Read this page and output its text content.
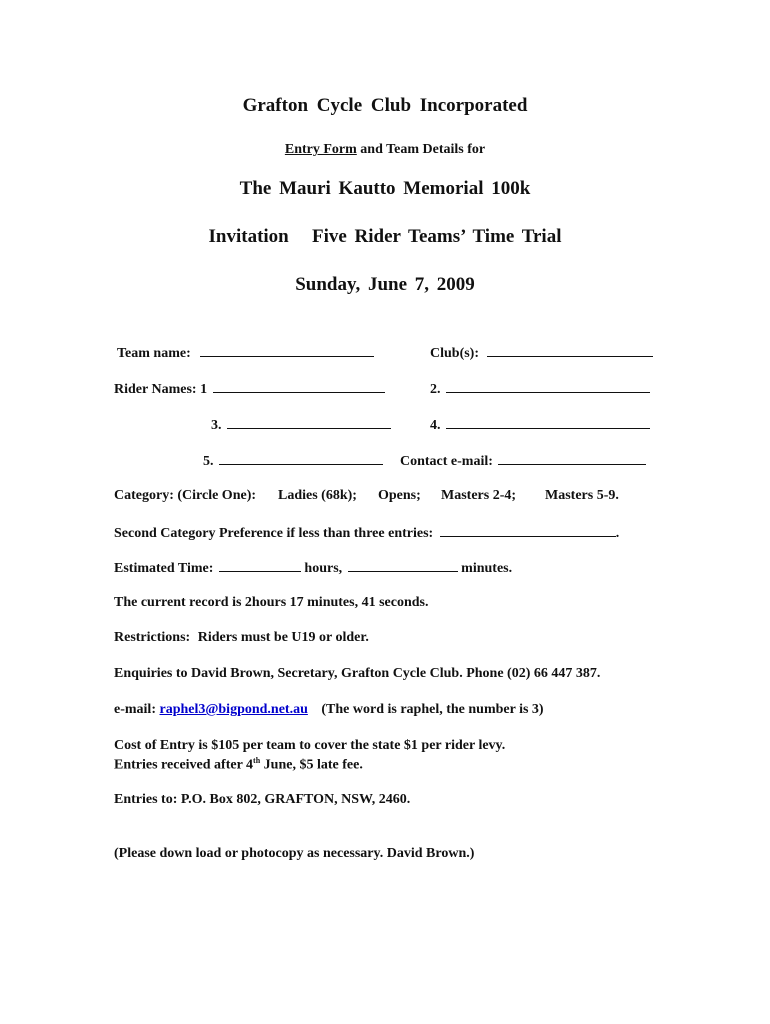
Grafton Cycle Club Incorporated
Entry Form and Team Details for
The Mauri Kautto Memorial 100k
Invitation   Five Rider Teams’ Time Trial
Sunday, June 7, 2009
Team name:	Club(s):
Rider Names: 1	2.
3.	4.
5.	Contact e-mail:
Category: (Circle One): Ladies (68k); Opens; Masters 2-4; Masters 5-9.
Second Category Preference if less than three entries:	.
Estimated Time:	hours,	minutes.
The current record is 2hours 17 minutes, 41 seconds.
Restrictions: Riders must be U19 or older.
Enquiries to David Brown, Secretary, Grafton Cycle Club. Phone (02) 66 447 387.
e-mail: raphel3@bigpond.net.au (The word is raphel, the number is 3)
Cost of Entry is $105 per team to cover the state $1 per rider levy.
Entries received after 4th June, $5 late fee.
Entries to: P.O. Box 802, GRAFTON, NSW, 2460.
(Please down load or photocopy as necessary. David Brown.)
